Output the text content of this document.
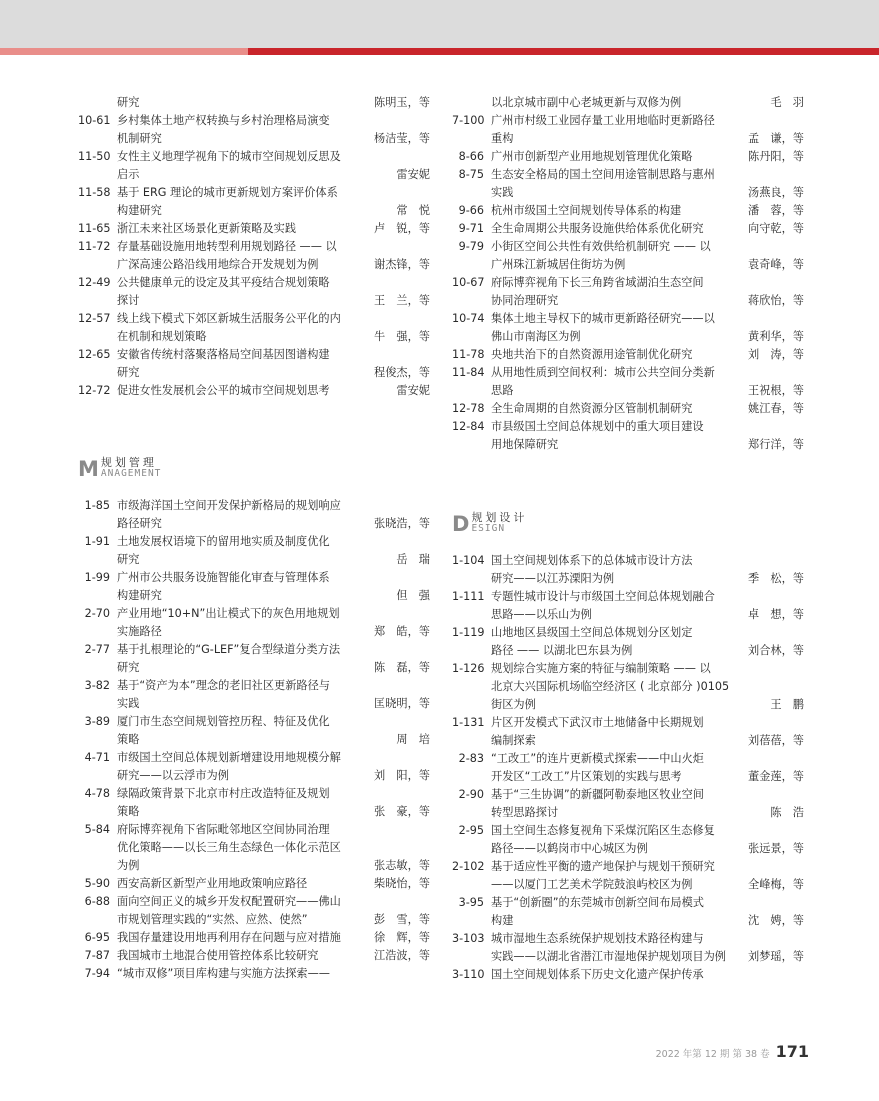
研究	陈明玉，等
10-61 乡村集体土地产权转换与乡村治理格局演变
机制研究	杨洁莹，等
11-50 女性主义地理学视角下的城市空间规划反思及
启示	雷安妮
11-58 基于 ERG 理论的城市更新规划方案评价体系
构建研究	常　悦
11-65 浙江未来社区场景化更新策略及实践	卢　锐，等
11-72 存量基础设施用地转型利用规划路径 —— 以
广深高速公路沿线用地综合开发规划为例	谢杰锋，等
12-49 公共健康单元的设定及其平疫结合规划策略
探讨	王　兰，等
12-57 线上线下模式下郊区新城生活服务公平化的内
在机制和规划策略	牛　强，等
12-65 安徽省传统村落聚落格局空间基因图谱构建
研究	程俊杰，等
12-72 促进女性发展机会公平的城市空间规划思考	雷安妮
M 规划管理
ANAGEMENT
1-85 市级海洋国土空间开发保护新格局的规划响应
路径研究	张晓浩，等
1-91 土地发展权语境下的留用地实质及制度优化
研究	岳　瑞
1-99 广州市公共服务设施智能化审查与管理体系
构建研究	但　强
2-70 产业用地“10+N”出让模式下的灰色用地规划
实施路径	郑　皓，等
2-77 基于扎根理论的“G-LEF”复合型绿道分类方法
研究	陈　磊，等
3-82 基于“资产为本”理念的老旧社区更新路径与
实践	匡晓明，等
3-89 厦门市生态空间规划管控历程、特征及优化
策略	周　培
4-71 市级国土空间总体规划新增建设用地规模分解
研究——以云浮市为例	刘　阳，等
4-78 绿隔政策背景下北京市村庄改造特征及规划
策略	张　豪，等
5-84 府际博弈视角下省际毗邻地区空间协同治理
优化策略——以长三角生态绿色一体化示范区
为例	张志敏，等
5-90 西安高新区新型产业用地政策响应路径	柴晓怡，等
6-88 面向空间正义的城乡开发权配置研究——佛山
市规划管理实践的“实然、应然、使然”	彭　雪，等
6-95 我国存量建设用地再利用存在问题与应对措施	徐　辉，等
7-87 我国城市土地混合使用管控体系比较研究	江浩波，等
7-94 “城市双修”项目库构建与实施方法探索——
以北京城市副中心老城更新与双修为例	毛　羽
7-100 广州市村级工业园存量工业用地临时更新路径
重构	孟　谦，等
8-66 广州市创新型产业用地规划管理优化策略	陈丹阳，等
8-75 生态安全格局的国土空间用途管制思路与惠州
实践	汤燕良，等
9-66 杭州市级国土空间规划传导体系的构建	潘　蓉，等
9-71 全生命周期公共服务设施供给体系优化研究	向守乾，等
9-79 小街区空间公共性有效供给机制研究 —— 以
广州珠江新城居住街坊为例	袁奇峰，等
10-67 府际博弈视角下长三角跨省域湖泊生态空间
协同治理研究	蒋欣怡，等
10-74 集体土地主导权下的城市更新路径研究——以
佛山市南海区为例	黄利华，等
11-78 央地共治下的自然资源用途管制优化研究	刘　涛，等
11-84 从用地性质到空间权利：城市公共空间分类新
思路	王祝根，等
12-78 全生命周期的自然资源分区管制机制研究	姚江春，等
12-84 市县级国土空间总体规划中的重大项目建设
用地保障研究	郑行洋，等
D 规划设计
ESIGN
1-104 国土空间规划体系下的总体城市设计方法
研究——以江苏溧阳为例	季　松，等
1-111 专题性城市设计与市级国土空间总体规划融合
思路——以乐山为例	卓　想，等
1-119 山地地区县级国土空间总体规划分区划定
路径 —— 以湖北巴东县为例	刘合林，等
1-126 规划综合实施方案的特征与编制策略 —— 以
北京大兴国际机场临空经济区 ( 北京部分 )0105
街区为例	王　鹏
1-131 片区开发模式下武汉市土地储备中长期规划
编制探索	刘蓓蓓，等
2-83 “工改工”的连片更新模式探索——中山火炬
开发区“工改工”片区策划的实践与思考	董金莲，等
2-90 基于“三生协调”的新疆阿勒泰地区牧业空间
转型思路探讨	陈　浩
2-95 国土空间生态修复视角下采煤沉陷区生态修复
路径——以鹤岗市中心城区为例	张远景，等
2-102 基于适应性平衡的遗产地保护与规划干预研究
——以厦门工艺美术学院鼓浪屿校区为例	全峰梅，等
3-95 基于“创新圈”的东莞城市创新空间布局模式
构建	沈　娉，等
3-103 城市湿地生态系统保护规划技术路径构建与
实践——以湖北省潜江市湿地保护规划项目为例	刘梦瑶，等
3-110 国土空间规划体系下历史文化遗产保护传承
2022 年第 12 期 第 38 卷 171
